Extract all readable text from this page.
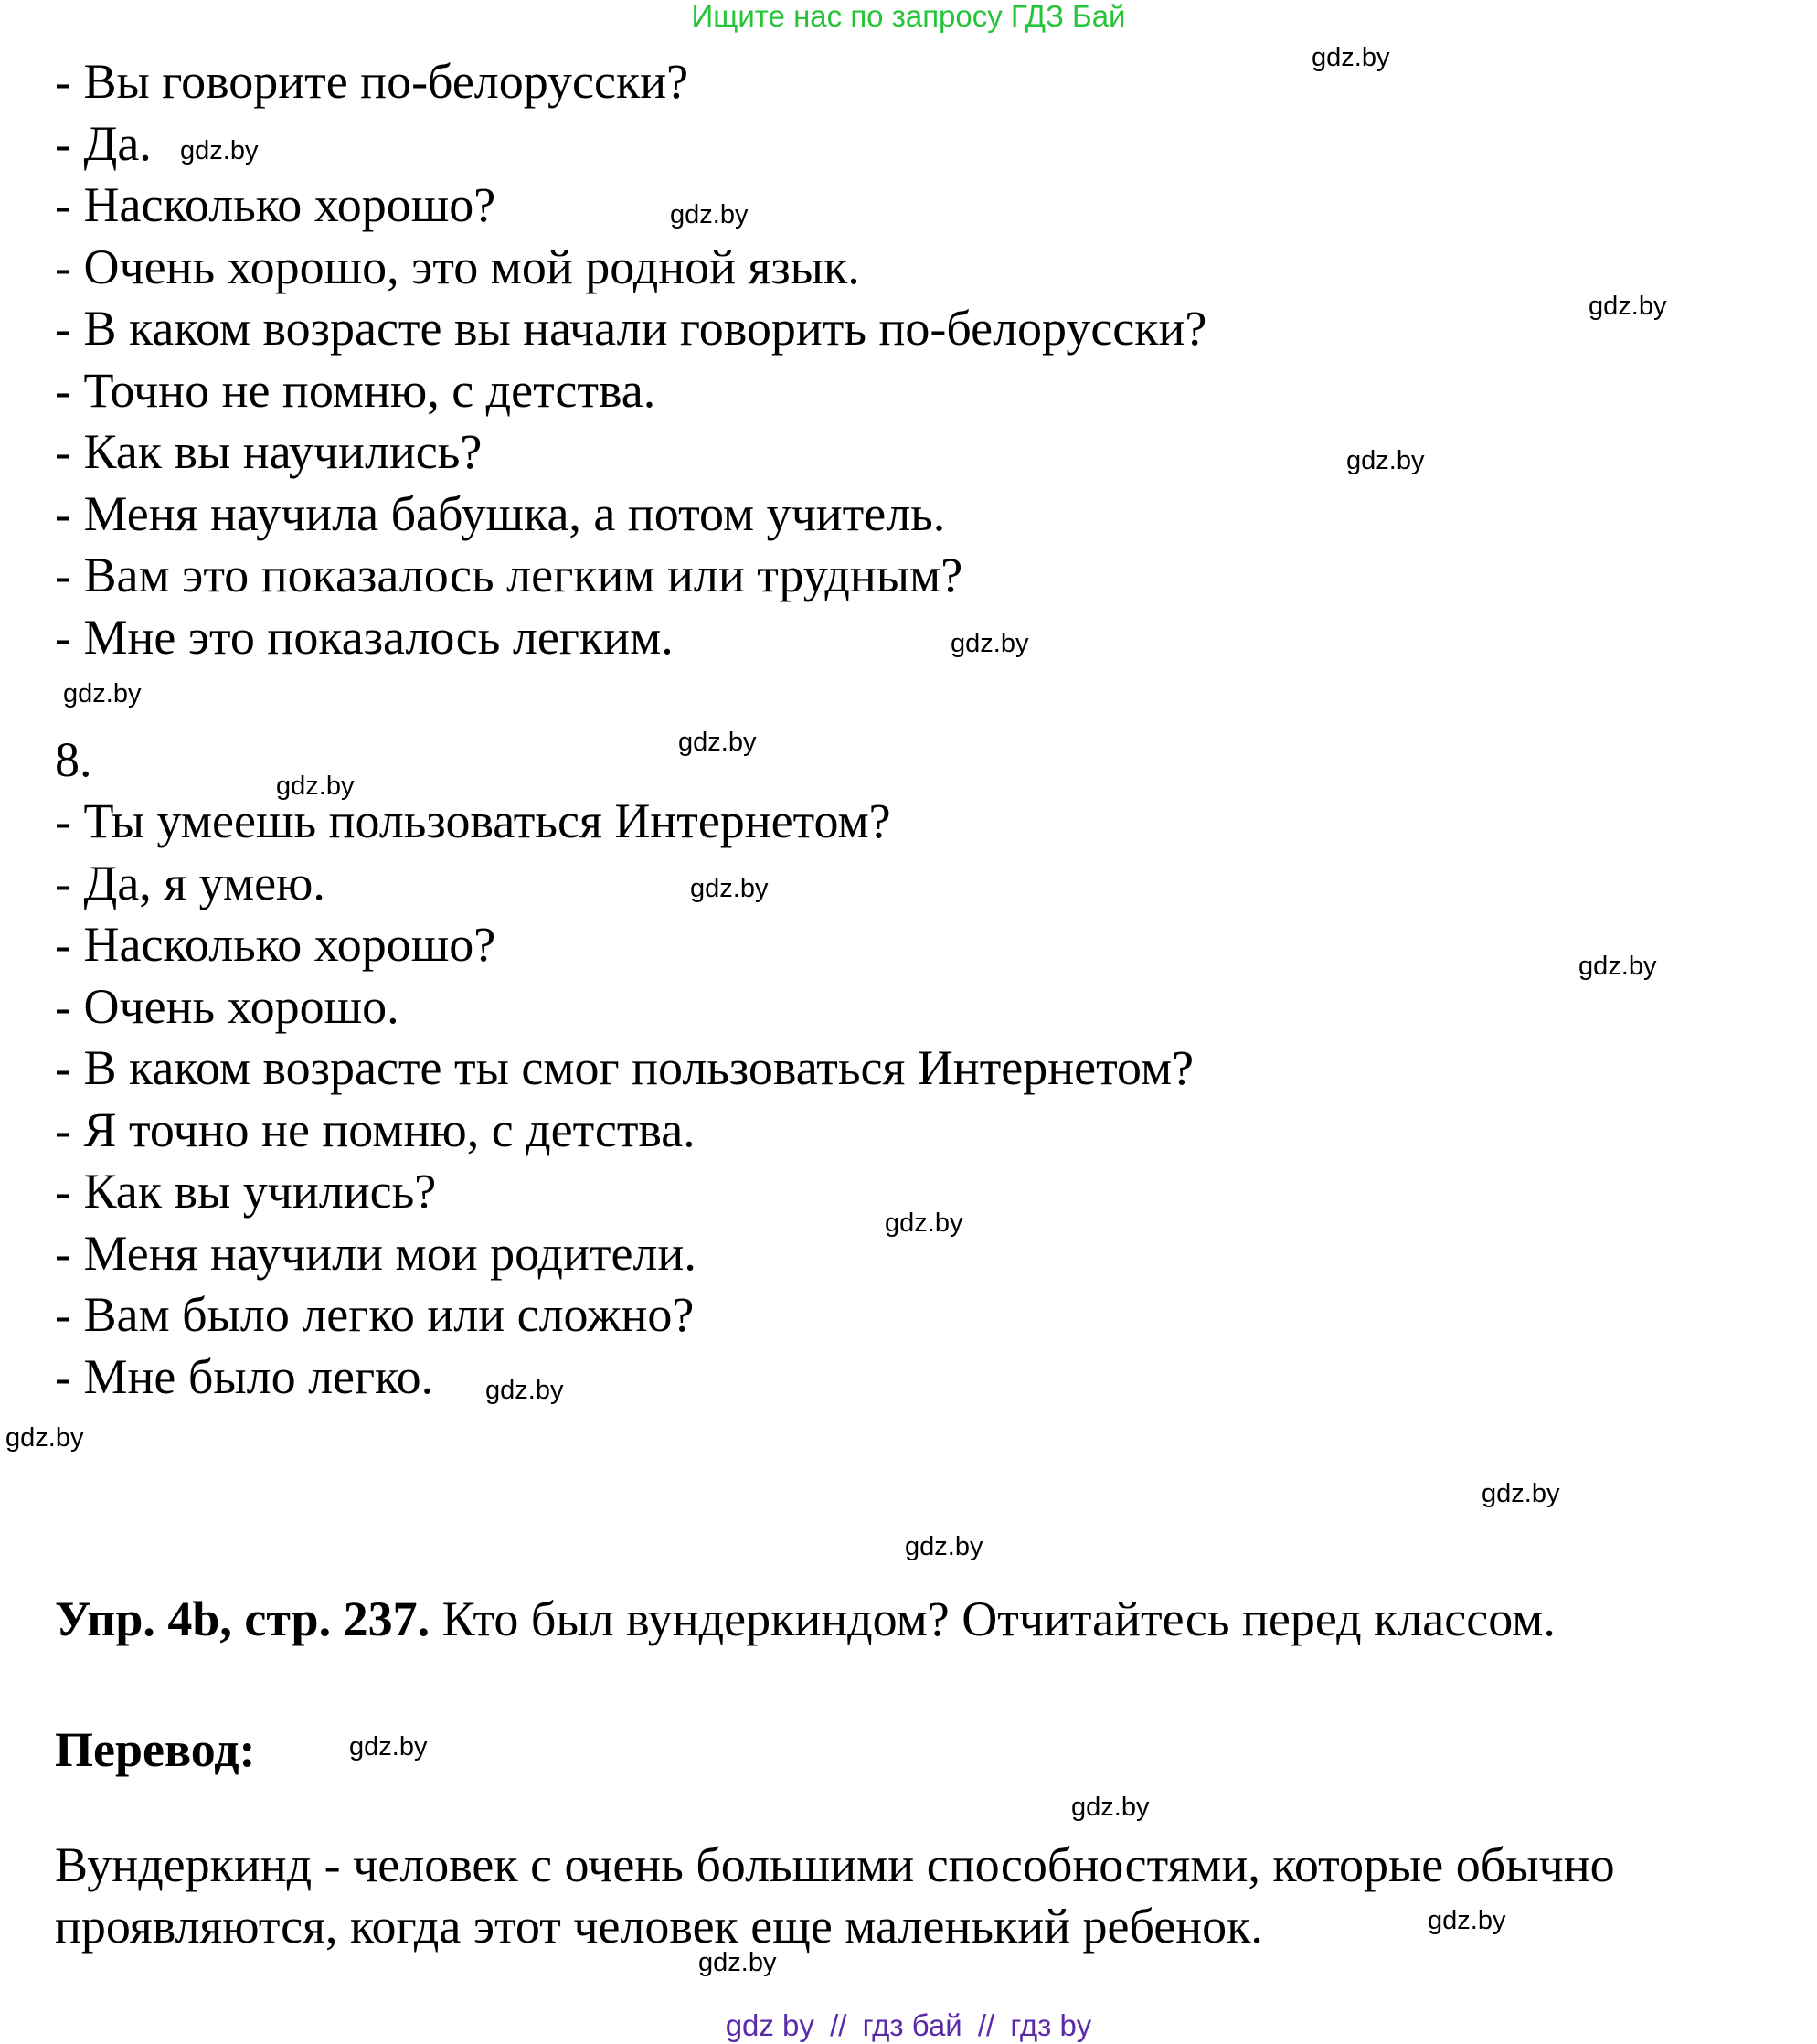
Ищите нас по запросу ГДЗ Бай
- Вы говорите по-белорусски?
- Да.
- Насколько хорошо?
- Очень хорошо, это мой родной язык.
- В каком возрасте вы начали говорить по-белорусски?
- Точно не помню, с детства.
- Как вы научились?
- Меня научила бабушка, а потом учитель.
- Вам это показалось легким или трудным?
- Мне это показалось легким.
8.
- Ты умеешь пользоваться Интернетом?
- Да, я умею.
- Насколько хорошо?
- Очень хорошо.
- В каком возрасте ты смог пользоваться Интернетом?
- Я точно не помню, с детства.
- Как вы учились?
- Меня научили мои родители.
- Вам было легко или сложно?
- Мне было легко.
Упр. 4b, стр. 237. Кто был вундеркиндом? Отчитайтесь перед классом.
Перевод:
Вундеркинд - человек с очень большими способностями, которые обычно
проявляются, когда этот человек еще маленький ребенок.
gdz.by
gdz.by
gdz.by
gdz.by
gdz.by
gdz.by
gdz.by
gdz.by
gdz.by
gdz.by
gdz.by
gdz.by
gdz.by
gdz.by
gdz.by
gdz.by
gdz.by
gdz.by
gdz.by
gdz.by
gdz by // гдз бай // гдз by
